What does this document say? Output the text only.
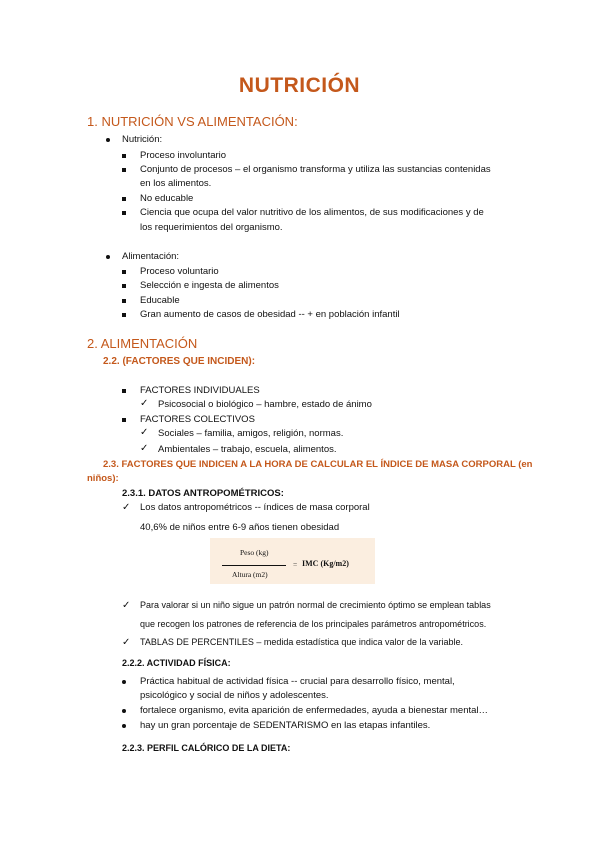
NUTRICIÓN
1. NUTRICIÓN VS ALIMENTACIÓN:
Nutrición:
Proceso involuntario
Conjunto de procesos – el organismo transforma y utiliza las sustancias contenidas
en los alimentos.
No educable
Ciencia que ocupa del valor nutritivo de los alimentos, de sus modificaciones y de
los requerimientos del organismo.
Alimentación:
Proceso voluntario
Selección e ingesta de alimentos
Educable
Gran aumento de casos de obesidad -- + en población infantil
2. ALIMENTACIÓN
2.2. (FACTORES QUE INCIDEN):
FACTORES INDIVIDUALES
✓ Psicosocial o biológico – hambre, estado de ánimo
FACTORES COLECTIVOS
✓ Sociales – familia, amigos, religión, normas.
✓ Ambientales – trabajo, escuela, alimentos.
2.3. FACTORES QUE INDICEN A LA HORA DE CALCULAR EL ÍNDICE DE MASA CORPORAL (en
niños):
2.3.1. DATOS ANTROPOMÉTRICOS:
✓ Los datos antropométricos -- índices de masa corporal
40,6% de niños entre 6-9 años tienen obesidad
Peso (kg)
Altura (m2)
= IMC (Kg/m2)
✓ Para valorar si un niño sigue un patrón normal de crecimiento óptimo se emplean tablas
que recogen los patrones de referencia de los principales parámetros antropométricos.
✓ TABLAS DE PERCENTILES – medida estadística que indica valor de la variable.
2.2.2. ACTIVIDAD FÍSICA:
Práctica habitual de actividad física -- crucial para desarrollo físico, mental,
psicológico y social de niños y adolescentes.
fortalece organismo, evita aparición de enfermedades, ayuda a bienestar mental…
hay un gran porcentaje de SEDENTARISMO en las etapas infantiles.
2.2.3. PERFIL CALÓRICO DE LA DIETA:
